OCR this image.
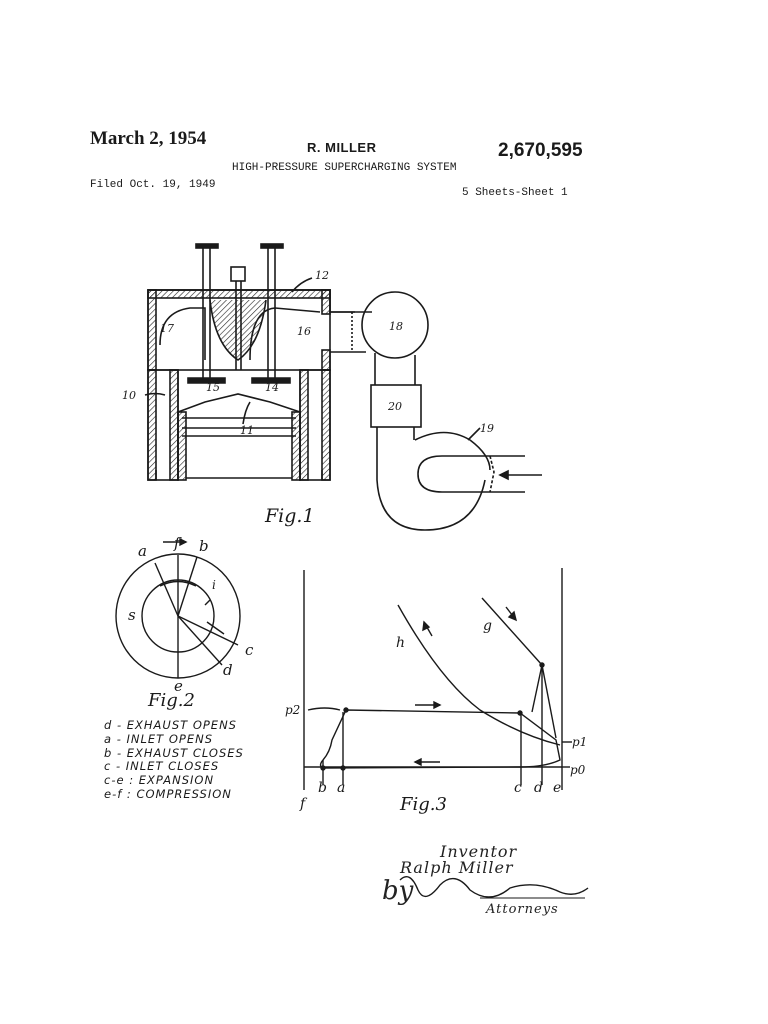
March 2, 1954	R. MILLER	2,670,595
HIGH-PRESSURE SUPERCHARGING SYSTEM
Filed Oct. 19, 1949
5 Sheets-Sheet 1
12
17	16	18
15	14
10
11
20
19
Fig.1
a f b
i
s
c
d
e
Fig.2
h
g
p2
p1
p0
f
b a	c d e
Fig.3
d - EXHAUST OPENS
a - INLET OPENS
b - EXHAUST CLOSES
c - INLET CLOSES
c-e : EXPANSION
e-f : COMPRESSION
Inventor
Ralph Miller
by
Attorneys
